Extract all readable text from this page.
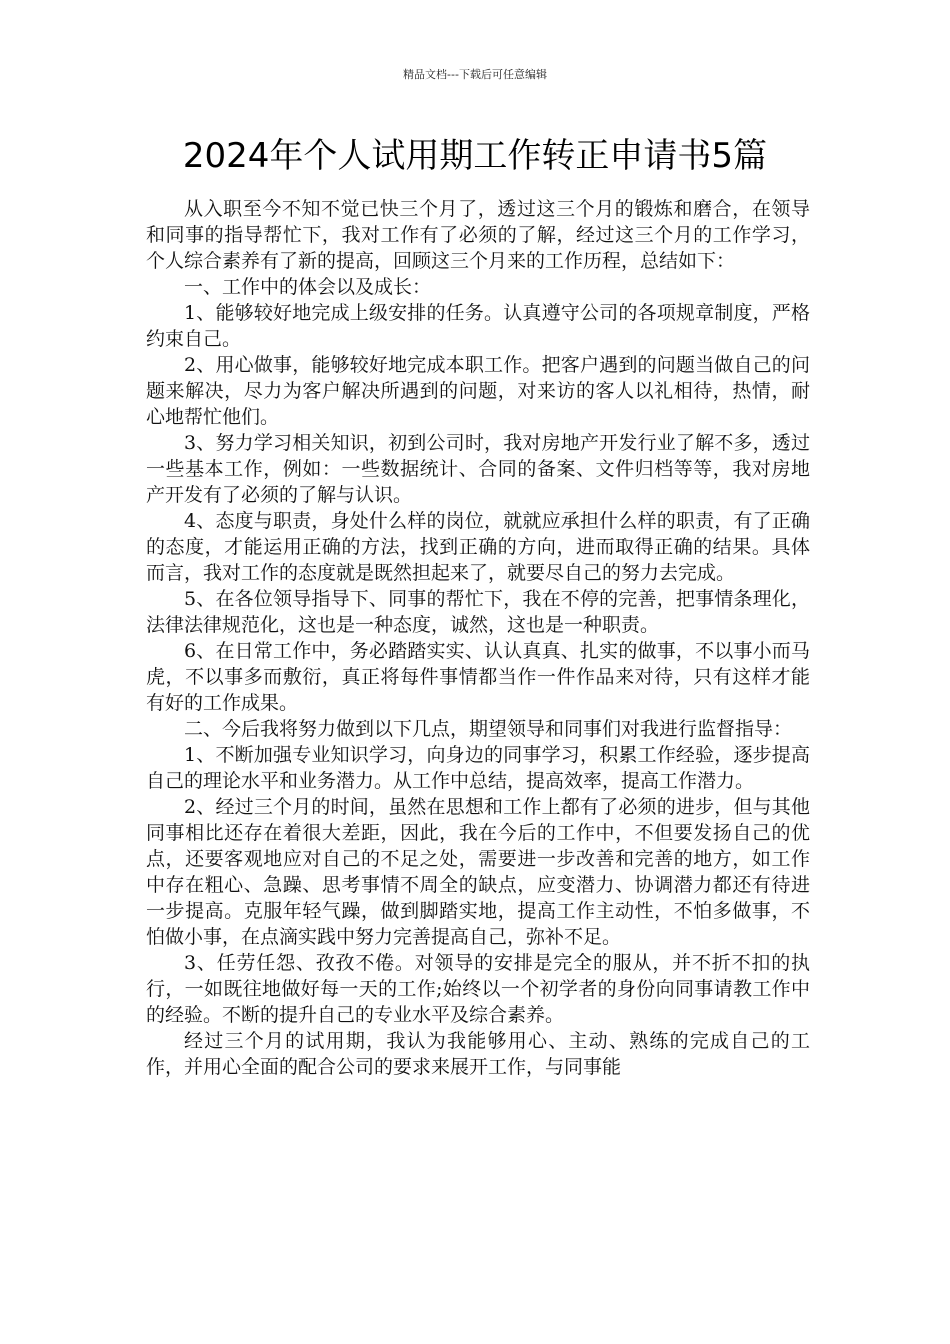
精品文档---下载后可任意编辑
2024年个人试用期工作转正申请书5篇

从入职至今不知不觉已快三个月了，透过这三个月的锻炼和磨合，在领导和同事的指导帮忙下，我对工作有了必须的了解，经过这三个月的工作学习，个人综合素养有了新的提高，回顾这三个月来的工作历程，总结如下：

一、工作中的体会以及成长：

1、能够较好地完成上级安排的任务。认真遵守公司的各项规章制度，严格约束自己。

2、用心做事，能够较好地完成本职工作。把客户遇到的问题当做自己的问题来解决，尽力为客户解决所遇到的问题，对来访的客人以礼相待，热情，耐心地帮忙他们。

3、努力学习相关知识，初到公司时，我对房地产开发行业了解不多，透过一些基本工作，例如：一些数据统计、合同的备案、文件归档等等，我对房地产开发有了必须的了解与认识。

4、态度与职责，身处什么样的岗位，就就应承担什么样的职责，有了正确的态度，才能运用正确的方法，找到正确的方向，进而取得正确的结果。具体而言，我对工作的态度就是既然担起来了，就要尽自己的努力去完成。

5、在各位领导指导下、同事的帮忙下，我在不停的完善，把事情条理化，法律法律规范化，这也是一种态度，诚然，这也是一种职责。

6、在日常工作中，务必踏踏实实、认认真真、扎实的做事，不以事小而马虎，不以事多而敷衍，真正将每件事情都当作一件作品来对待，只有这样才能有好的工作成果。

二、今后我将努力做到以下几点，期望领导和同事们对我进行监督指导：

1、不断加强专业知识学习，向身边的同事学习，积累工作经验，逐步提高自己的理论水平和业务潜力。从工作中总结，提高效率，提高工作潜力。

2、经过三个月的时间，虽然在思想和工作上都有了必须的进步，但与其他同事相比还存在着很大差距，因此，我在今后的工作中，不但要发扬自己的优点，还要客观地应对自己的不足之处，需要进一步改善和完善的地方，如工作中存在粗心、急躁、思考事情不周全的缺点，应变潜力、协调潜力都还有待进一步提高。克服年轻气躁，做到脚踏实地，提高工作主动性，不怕多做事，不怕做小事，在点滴实践中努力完善提高自己，弥补不足。

3、任劳任怨、孜孜不倦。对领导的安排是完全的服从，并不折不扣的执行，一如既往地做好每一天的工作;始终以一个初学者的身份向同事请教工作中的经验。不断的提升自己的专业水平及综合素养。

经过三个月的试用期，我认为我能够用心、主动、熟练的完成自己的工作，并用心全面的配合公司的要求来展开工作，与同事能
